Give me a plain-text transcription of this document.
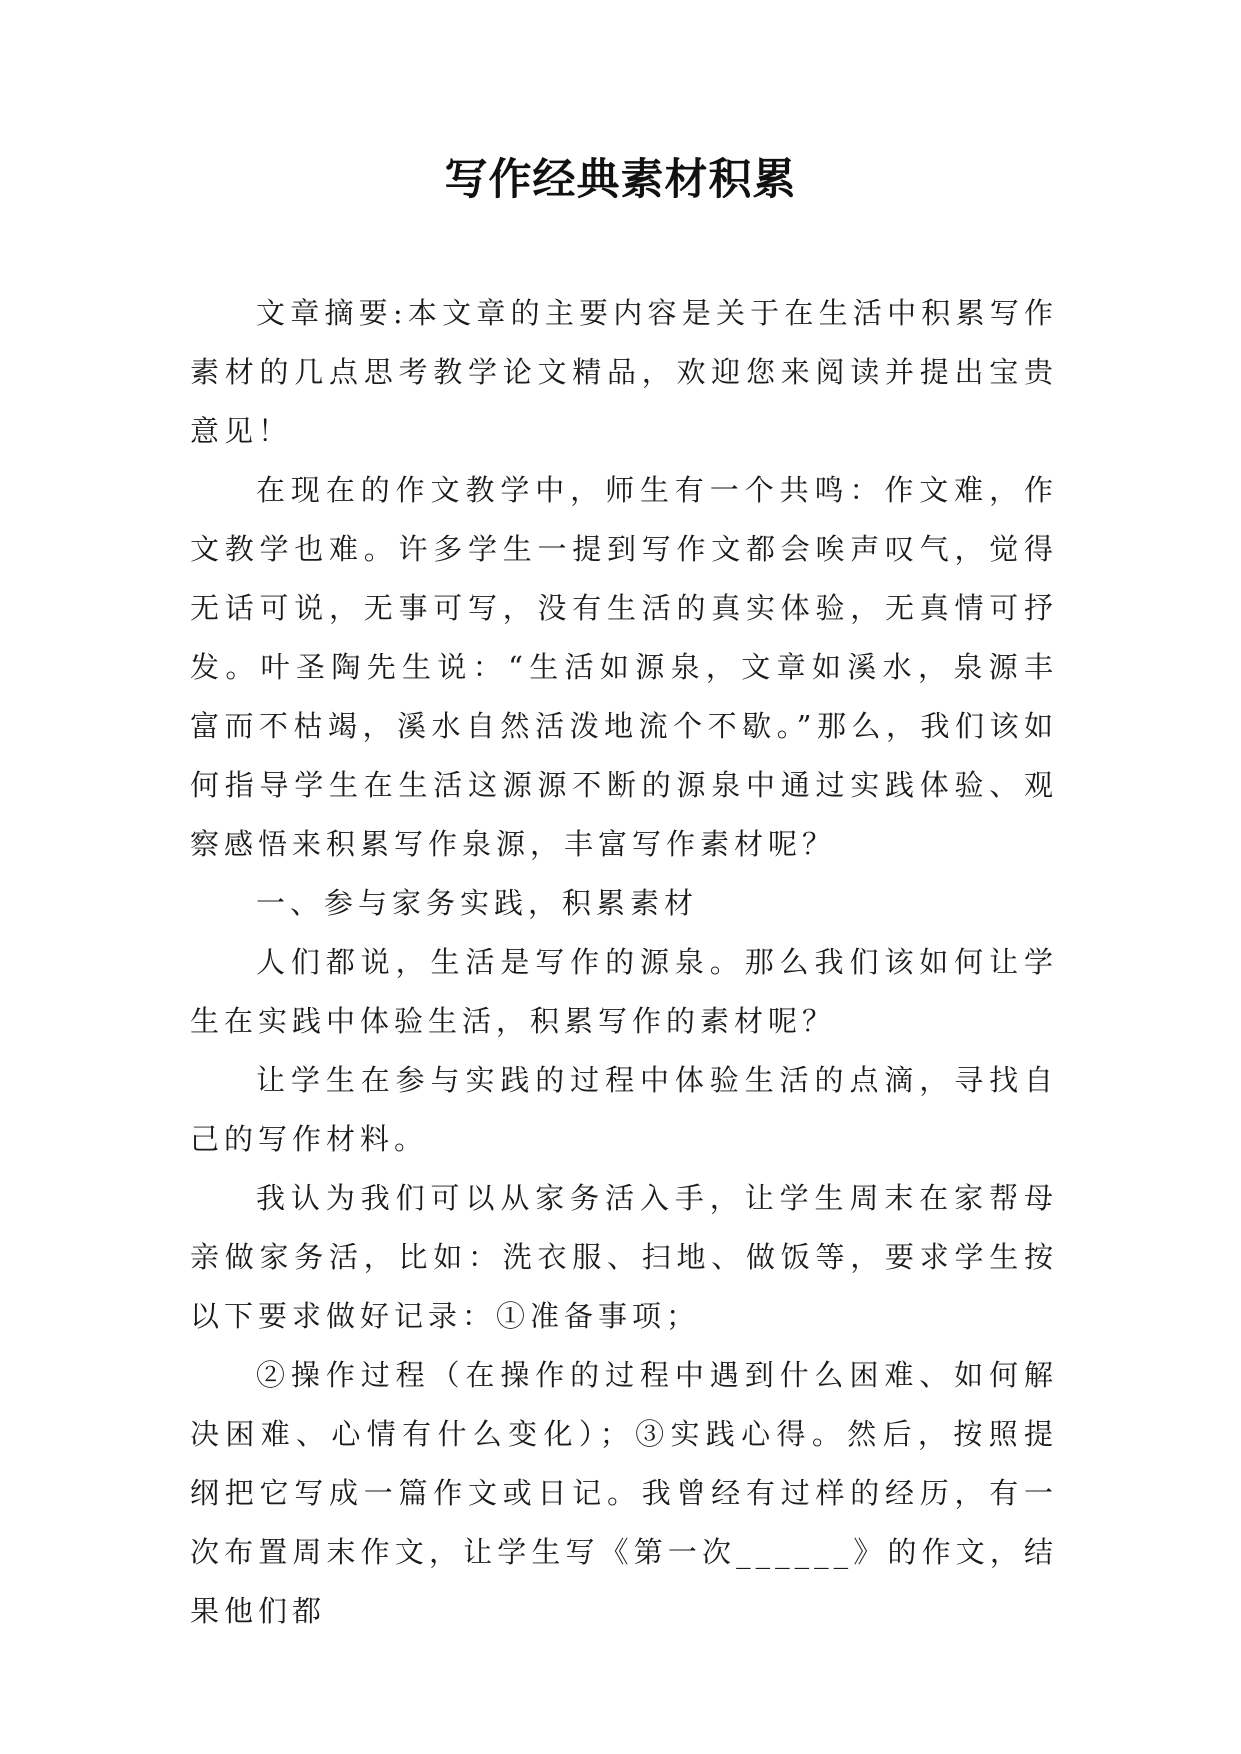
写作经典素材积累

文章摘要:本文章的主要内容是关于在生活中积累写作素材的几点思考教学论文精品，欢迎您来阅读并提出宝贵意见！

在现在的作文教学中，师生有一个共鸣：作文难，作文教学也难。许多学生一提到写作文都会唉声叹气，觉得无话可说，无事可写，没有生活的真实体验，无真情可抒发。叶圣陶先生说：“生活如源泉，文章如溪水，泉源丰富而不枯竭，溪水自然活泼地流个不歇。”那么，我们该如何指导学生在生活这源源不断的源泉中通过实践体验、观察感悟来积累写作泉源，丰富写作素材呢？

一、参与家务实践，积累素材

人们都说，生活是写作的源泉。那么我们该如何让学生在实践中体验生活，积累写作的素材呢？

让学生在参与实践的过程中体验生活的点滴，寻找自己的写作材料。

我认为我们可以从家务活入手，让学生周末在家帮母亲做家务活，比如：洗衣服、扫地、做饭等，要求学生按以下要求做好记录：①准备事项；

②操作过程（在操作的过程中遇到什么困难、如何解决困难、心情有什么变化）；③实践心得。然后，按照提纲把它写成一篇作文或日记。我曾经有过样的经历，有一次布置周末作文，让学生写《第一次______》的作文，结果他们都
